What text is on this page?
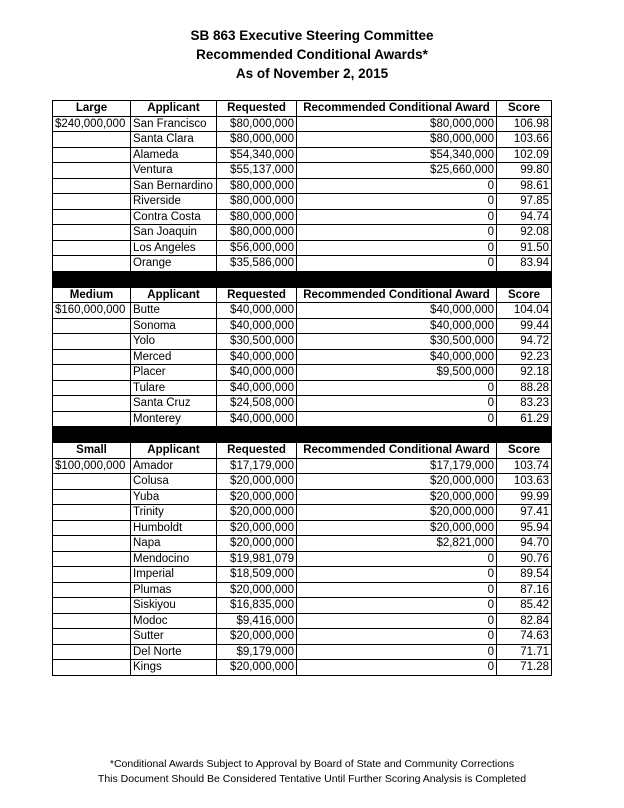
SB 863 Executive Steering Committee
Recommended Conditional Awards*
As of November 2, 2015
Large	Applicant	Requested	Recommended Conditional Award	Score
$240,000,000	San Francisco	$80,000,000	$80,000,000	106.98
	Santa Clara	$80,000,000	$80,000,000	103.66
	Alameda	$54,340,000	$54,340,000	102.09
	Ventura	$55,137,000	$25,660,000	99.80
	San Bernardino	$80,000,000	0	98.61
	Riverside	$80,000,000	0	97.85
	Contra Costa	$80,000,000	0	94.74
	San Joaquin	$80,000,000	0	92.08
	Los Angeles	$56,000,000	0	91.50
	Orange	$35,586,000	0	83.94

Medium	Applicant	Requested	Recommended Conditional Award	Score
$160,000,000	Butte	$40,000,000	$40,000,000	104.04
	Sonoma	$40,000,000	$40,000,000	99.44
	Yolo	$30,500,000	$30,500,000	94.72
	Merced	$40,000,000	$40,000,000	92.23
	Placer	$40,000,000	$9,500,000	92.18
	Tulare	$40,000,000	0	88.28
	Santa Cruz	$24,508,000	0	83.23
	Monterey	$40,000,000	0	61.29

Small	Applicant	Requested	Recommended Conditional Award	Score
$100,000,000	Amador	$17,179,000	$17,179,000	103.74
	Colusa	$20,000,000	$20,000,000	103.63
	Yuba	$20,000,000	$20,000,000	99.99
	Trinity	$20,000,000	$20,000,000	97.41
	Humboldt	$20,000,000	$20,000,000	95.94
	Napa	$20,000,000	$2,821,000	94.70
	Mendocino	$19,981,079	0	90.76
	Imperial	$18,509,000	0	89.54
	Plumas	$20,000,000	0	87.16
	Siskiyou	$16,835,000	0	85.42
	Modoc	$9,416,000	0	82.84
	Sutter	$20,000,000	0	74.63
	Del Norte	$9,179,000	0	71.71
	Kings	$20,000,000	0	71.28
*Conditional Awards Subject to Approval by Board of State and Community Corrections
This Document Should Be Considered Tentative Until Further Scoring Analysis is Completed
